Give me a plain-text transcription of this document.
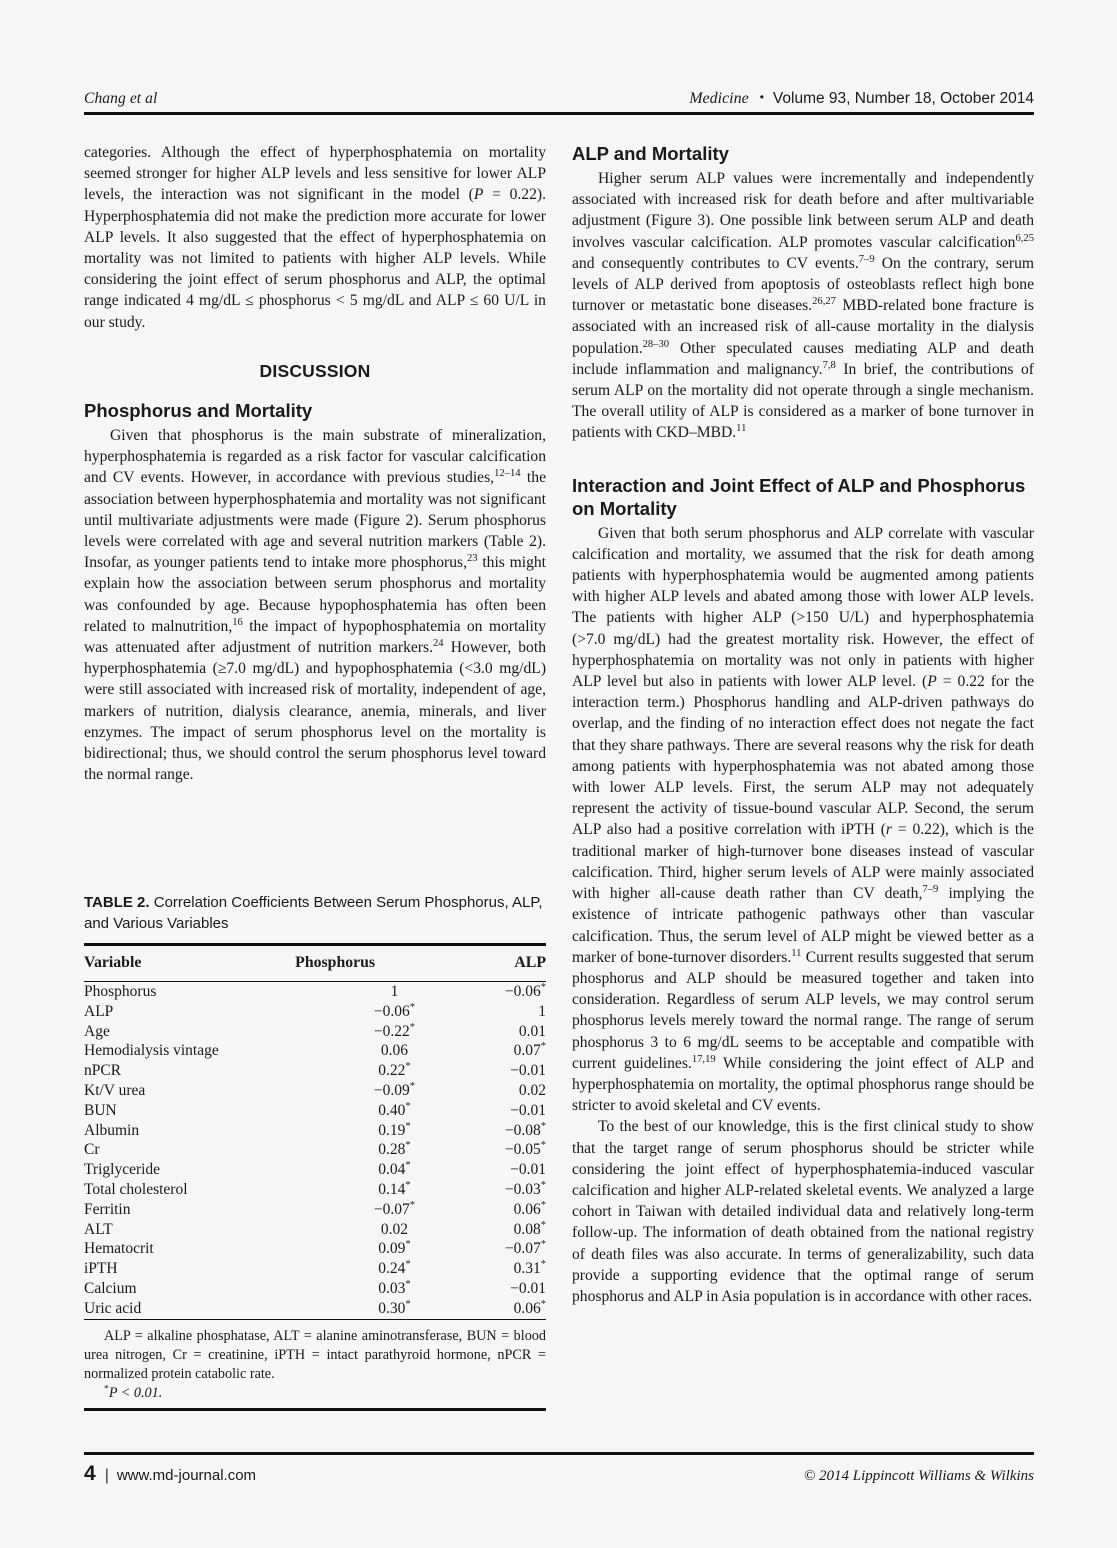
Chang et al	Medicine • Volume 93, Number 18, October 2014

categories. Although the effect of hyperphosphatemia on mortality seemed stronger for higher ALP levels and less sensitive for lower ALP levels, the interaction was not significant in the model (P = 0.22). Hyperphosphatemia did not make the prediction more accurate for lower ALP levels. It also suggested that the effect of hyperphosphatemia on mortality was not limited to patients with higher ALP levels. While considering the joint effect of serum phosphorus and ALP, the optimal range indicated 4 mg/dL ≤ phosphorus < 5 mg/dL and ALP ≤ 60 U/L in our study.

DISCUSSION
Phosphorus and Mortality

Given that phosphorus is the main substrate of mineralization, hyperphosphatemia is regarded as a risk factor for vascular calcification and CV events. However, in accordance with previous studies,$^{12-14}$ the association between hyperphosphatemia and mortality was not significant until multivariate adjustments were made (Figure 2). Serum phosphorus levels were correlated with age and several nutrition markers (Table 2). Insofar, as younger patients tend to intake more phosphorus,$^{23}$ this might explain how the association between serum phosphorus and mortality was confounded by age. Because hypophosphatemia has often been related to malnutrition,$^{16}$ the impact of hypophosphatemia on mortality was attenuated after adjustment of nutrition markers.$^{24}$ However, both hyperphosphatemia (≥7.0 mg/dL) and hypophosphatemia (<3.0 mg/dL) were still associated with increased risk of mortality, independent of age, markers of nutrition, dialysis clearance, anemia, minerals, and liver enzymes. The impact of serum phosphorus level on the mortality is bidirectional; thus, we should control the serum phosphorus level toward the normal range.

TABLE 2. Correlation Coefficients Between Serum Phosphorus, ALP, and Various Variables
Variable	Phosphorus	ALP
Phosphorus	1	−0.06*
ALP	−0.06*	1
Age	−0.22*	0.01
Hemodialysis vintage	0.06	0.07*
nPCR	0.22*	−0.01
Kt/V urea	−0.09*	0.02
BUN	0.40*	−0.01
Albumin	0.19*	−0.08*
Cr	0.28*	−0.05*
Triglyceride	0.04*	−0.01
Total cholesterol	0.14*	−0.03*
Ferritin	−0.07*	0.06*
ALT	0.02	0.08*
Hematocrit	0.09*	−0.07*
iPTH	0.24*	0.31*
Calcium	0.03*	−0.01
Uric acid	0.30*	0.06*
ALP = alkaline phosphatase, ALT = alanine aminotransferase, BUN = blood urea nitrogen, Cr = creatinine, iPTH = intact parathyroid hormone, nPCR = normalized protein catabolic rate.
*P < 0.01.
ALP and Mortality

Higher serum ALP values were incrementally and independently associated with increased risk for death before and after multivariable adjustment (Figure 3). One possible link between serum ALP and death involves vascular calcification. ALP promotes vascular calcification$^{6,25}$ and consequently contributes to CV events.$^{7-9}$ On the contrary, serum levels of ALP derived from apoptosis of osteoblasts reflect high bone turnover or metastatic bone diseases.$^{26,27}$ MBD-related bone fracture is associated with an increased risk of all-cause mortality in the dialysis population.$^{28-30}$ Other speculated causes mediating ALP and death include inflammation and malignancy.$^{7,8}$ In brief, the contributions of serum ALP on the mortality did not operate through a single mechanism. The overall utility of ALP is considered as a marker of bone turnover in patients with CKD–MBD.$^{11}$

Interaction and Joint Effect of ALP and Phosphorus on Mortality

Given that both serum phosphorus and ALP correlate with vascular calcification and mortality, we assumed that the risk for death among patients with hyperphosphatemia would be augmented among patients with higher ALP levels and abated among those with lower ALP levels. The patients with higher ALP (>150 U/L) and hyperphosphatemia (>7.0 mg/dL) had the greatest mortality risk. However, the effect of hyperphosphatemia on mortality was not only in patients with higher ALP level but also in patients with lower ALP level. (P = 0.22 for the interaction term.) Phosphorus handling and ALP-driven pathways do overlap, and the finding of no interaction effect does not negate the fact that they share pathways. There are several reasons why the risk for death among patients with hyperphosphatemia was not abated among those with lower ALP levels. First, the serum ALP may not adequately represent the activity of tissue-bound vascular ALP. Second, the serum ALP also had a positive correlation with iPTH (r = 0.22), which is the traditional marker of high-turnover bone diseases instead of vascular calcification. Third, higher serum levels of ALP were mainly associated with higher all-cause death rather than CV death,$^{7-9}$ implying the existence of intricate pathogenic pathways other than vascular calcification. Thus, the serum level of ALP might be viewed better as a marker of bone-turnover disorders.$^{11}$ Current results suggested that serum phosphorus and ALP should be measured together and taken into consideration. Regardless of serum ALP levels, we may control serum phosphorus levels merely toward the normal range. The range of serum phosphorus 3 to 6 mg/dL seems to be acceptable and compatible with current guidelines.$^{17,19}$ While considering the joint effect of ALP and hyperphosphatemia on mortality, the optimal phosphorus range should be stricter to avoid skeletal and CV events.

To the best of our knowledge, this is the first clinical study to show that the target range of serum phosphorus should be stricter while considering the joint effect of hyperphosphatemia-induced vascular calcification and higher ALP-related skeletal events. We analyzed a large cohort in Taiwan with detailed individual data and relatively long-term follow-up. The information of death obtained from the national registry of death files was also accurate. In terms of generalizability, such data provide a supporting evidence that the optimal range of serum phosphorus and ALP in Asia population is in accordance with other races.

4 | www.md-journal.com	© 2014 Lippincott Williams & Wilkins
